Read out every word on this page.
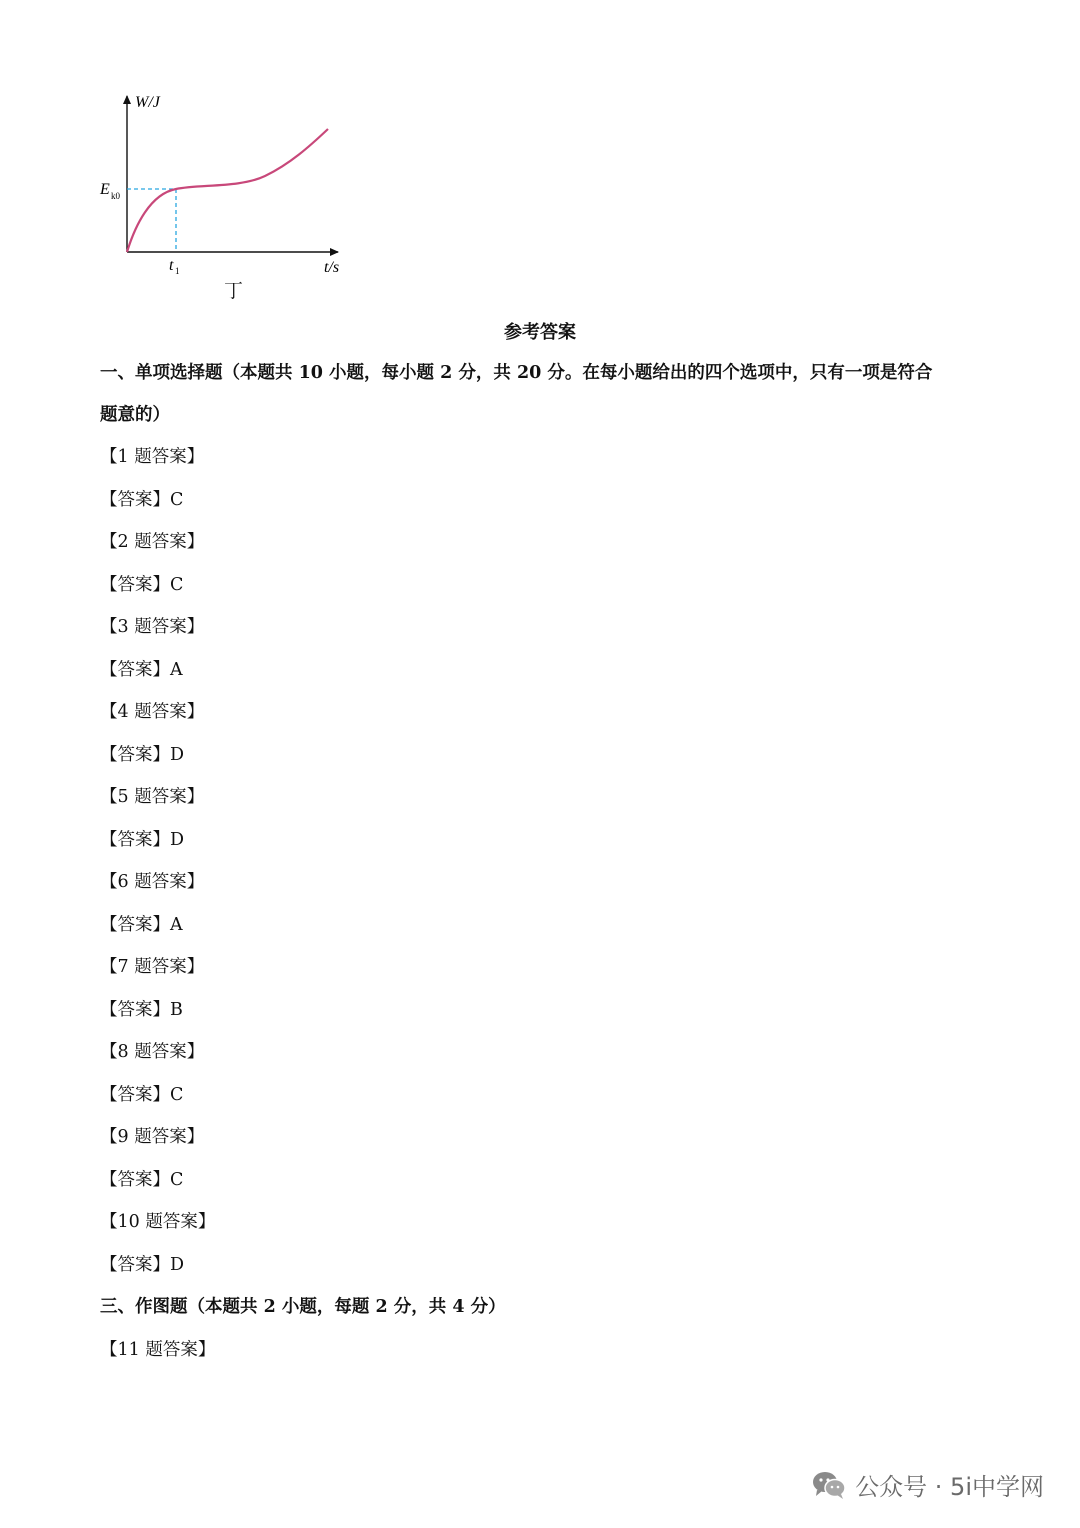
W/J
t/s
E k0
t 1
丁
参考答案
一、单项选择题（本题共 10 小题，每小题 2 分，共 20 分。在每小题给出的四个选项中，只有一项是符合
题意的）
【1 题答案】
【答案】C
【2 题答案】
【答案】C
【3 题答案】
【答案】A
【4 题答案】
【答案】D
【5 题答案】
【答案】D
【6 题答案】
【答案】A
【7 题答案】
【答案】B
【8 题答案】
【答案】C
【9 题答案】
【答案】C
【10 题答案】
【答案】D
三、作图题（本题共 2 小题，每题 2 分，共 4 分）
【11 题答案】
公众号 · 5i中学网
